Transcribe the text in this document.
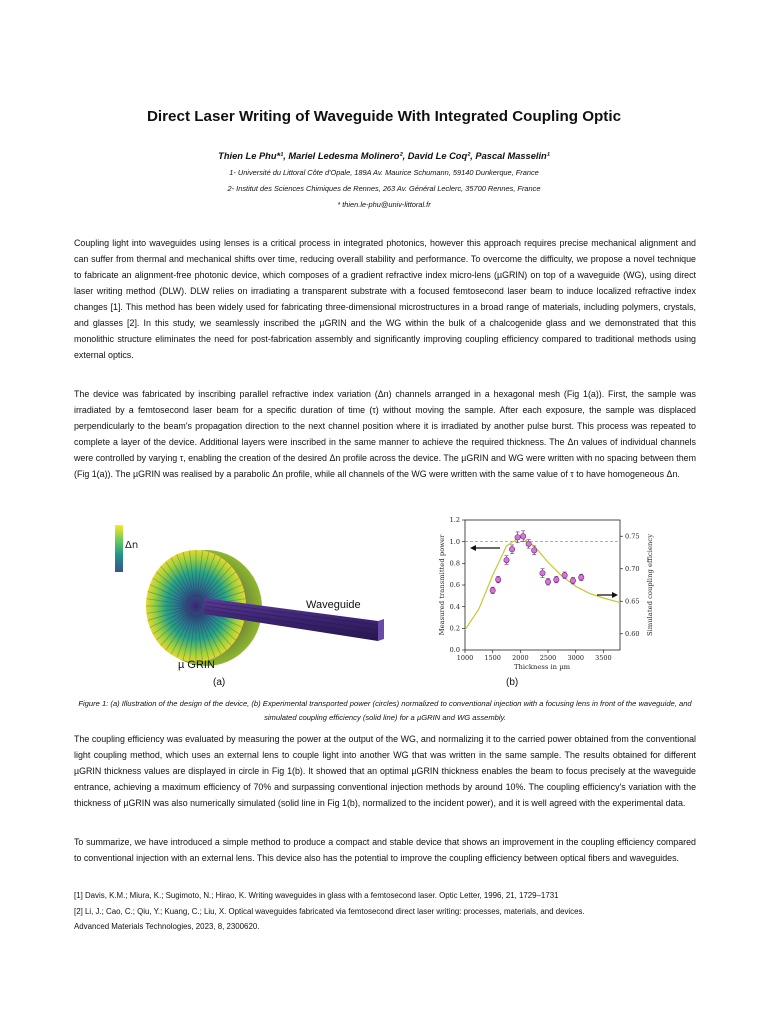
Direct Laser Writing of Waveguide With Integrated Coupling Optic
Thien Le Phu*¹, Mariel Ledesma Molinero², David Le Coq², Pascal Masselin¹
1- Université du Littoral Côte d'Opale, 189A Av. Maurice Schumann, 59140 Dunkerque, France
2- Institut des Sciences Chimiques de Rennes, 263 Av. Général Leclerc, 35700 Rennes, France
* thien.le-phu@univ-littoral.fr

Coupling light into waveguides using lenses is a critical process in integrated photonics, however this approach requires precise mechanical alignment and can suffer from thermal and mechanical shifts over time, reducing overall stability and performance. To overcome the difficulty, we propose a novel technique to fabricate an alignment-free photonic device, which composes of a gradient refractive index micro-lens (µGRIN) on top of a waveguide (WG), using direct laser writing method (DLW). DLW relies on irradiating a transparent substrate with a focused femtosecond laser beam to induce localized refractive index changes [1]. This method has been widely used for fabricating three-dimensional microstructures in a broad range of materials, including polymers, crystals, and glasses [2]. In this study, we seamlessly inscribed the µGRIN and the WG within the bulk of a chalcogenide glass and we demonstrated that this monolithic structure eliminates the need for post-fabrication assembly and significantly improving coupling efficiency compared to traditional methods using external optics.

The device was fabricated by inscribing parallel refractive index variation (Δn) channels arranged in a hexagonal mesh (Fig 1(a)). First, the sample was irradiated by a femtosecond laser beam for a specific duration of time (τ) without moving the sample. After each exposure, the sample was displaced perpendicularly to the beam's propagation direction to the next channel position where it is irradiated by another pulse burst. This process was repeated to complete a layer of the device. Additional layers were inscribed in the same manner to achieve the required thickness. The Δn values of individual channels were controlled by varying τ, enabling the creation of the desired Δn profile across the device. The µGRIN and WG were written with no spacing between them (Fig 1(a)). The µGRIN was realised by a parabolic Δn profile, while all channels of the WG were written with the same value of τ to have homogeneous Δn.

Δn
Waveguide
µ GRIN
(a)
1000 1500 2000 2500 3000 3500
0.0
0.2
0.4
0.6
0.8
1.0
1.2
0.60
0.65
0.70
0.75
Thickness in µm
Measured transmitted power	Simulated coupling efficiency
(b)

Figure 1: (a) Illustration of the design of the device, (b) Experimental transported power (circles) normalized to conventional injection with a focusing lens in front of the waveguide, and simulated coupling efficiency (solid line) for a µGRIN and WG assembly.

The coupling efficiency was evaluated by measuring the power at the output of the WG, and normalizing it to the carried power obtained from the conventional light coupling method, which uses an external lens to couple light into another WG that was written in the same sample. The results obtained for different µGRIN thickness values are displayed in circle in Fig 1(b). It showed that an optimal µGRIN thickness enables the beam to focus precisely at the waveguide entrance, achieving a maximum efficiency of 70% and surpassing conventional injection methods by around 10%. The coupling efficiency's variation with the thickness of µGRIN was also numerically simulated (solid line in Fig 1(b), normalized to the incident power), and it is well agreed with the experimental data.

To summarize, we have introduced a simple method to produce a compact and stable device that shows an improvement in the coupling efficiency compared to conventional injection with an external lens. This device also has the potential to improve the coupling efficiency between optical fibers and waveguides.

[1] Davis, K.M.; Miura, K.; Sugimoto, N.; Hirao, K. Writing waveguides in glass with a femtosecond laser. Optic Letter, 1996, 21, 1729–1731
[2] Li, J.; Cao, C.; Qiu, Y.; Kuang, C.; Liu, X. Optical waveguides fabricated via femtosecond direct laser writing: processes, materials, and devices.
Advanced Materials Technologies, 2023, 8, 2300620.
